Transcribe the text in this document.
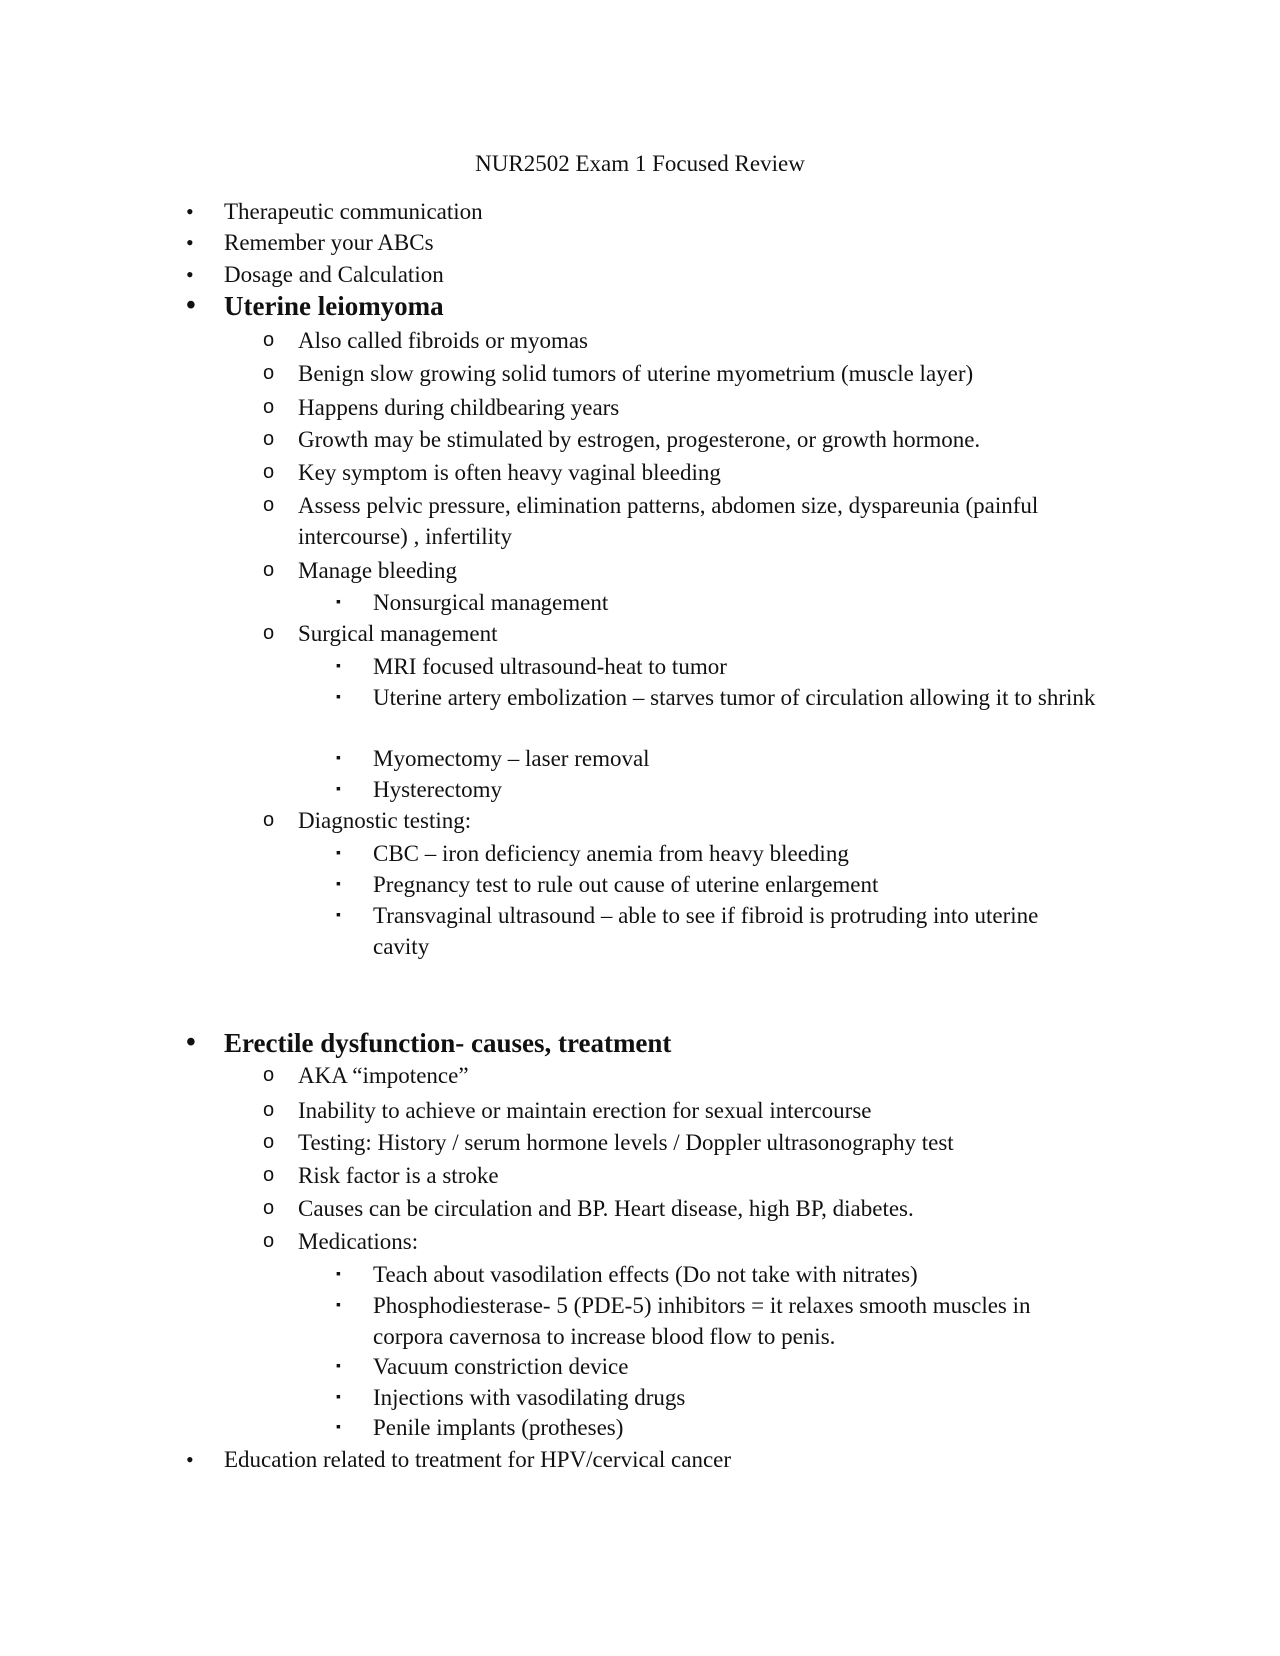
NUR2502 Exam 1 Focused Review
• Therapeutic communication
• Remember your ABCs
• Dosage and Calculation
• Uterine leiomyoma
o Also called fibroids or myomas
o Benign slow growing solid tumors of uterine myometrium (muscle layer)
o Happens during childbearing years
o Growth may be stimulated by estrogen, progesterone, or growth hormone.
o Key symptom is often heavy vaginal bleeding
o Assess pelvic pressure, elimination patterns, abdomen size, dyspareunia (painful intercourse) , infertility
o Manage bleeding
▪ Nonsurgical management
o Surgical management
▪ MRI focused ultrasound-heat to tumor
▪ Uterine artery embolization – starves tumor of circulation allowing it to shrink
▪ Myomectomy – laser removal
▪ Hysterectomy
o Diagnostic testing:
▪ CBC – iron deficiency anemia from heavy bleeding
▪ Pregnancy test to rule out cause of uterine enlargement
▪ Transvaginal ultrasound – able to see if fibroid is protruding into uterine cavity
• Erectile dysfunction- causes, treatment
o AKA “impotence”
o Inability to achieve or maintain erection for sexual intercourse
o Testing: History / serum hormone levels / Doppler ultrasonography test
o Risk factor is a stroke
o Causes can be circulation and BP. Heart disease, high BP, diabetes.
o Medications:
▪ Teach about vasodilation effects (Do not take with nitrates)
▪ Phosphodiesterase- 5 (PDE-5) inhibitors = it relaxes smooth muscles in corpora cavernosa to increase blood flow to penis.
▪ Vacuum constriction device
▪ Injections with vasodilating drugs
▪ Penile implants (protheses)
• Education related to treatment for HPV/cervical cancer
